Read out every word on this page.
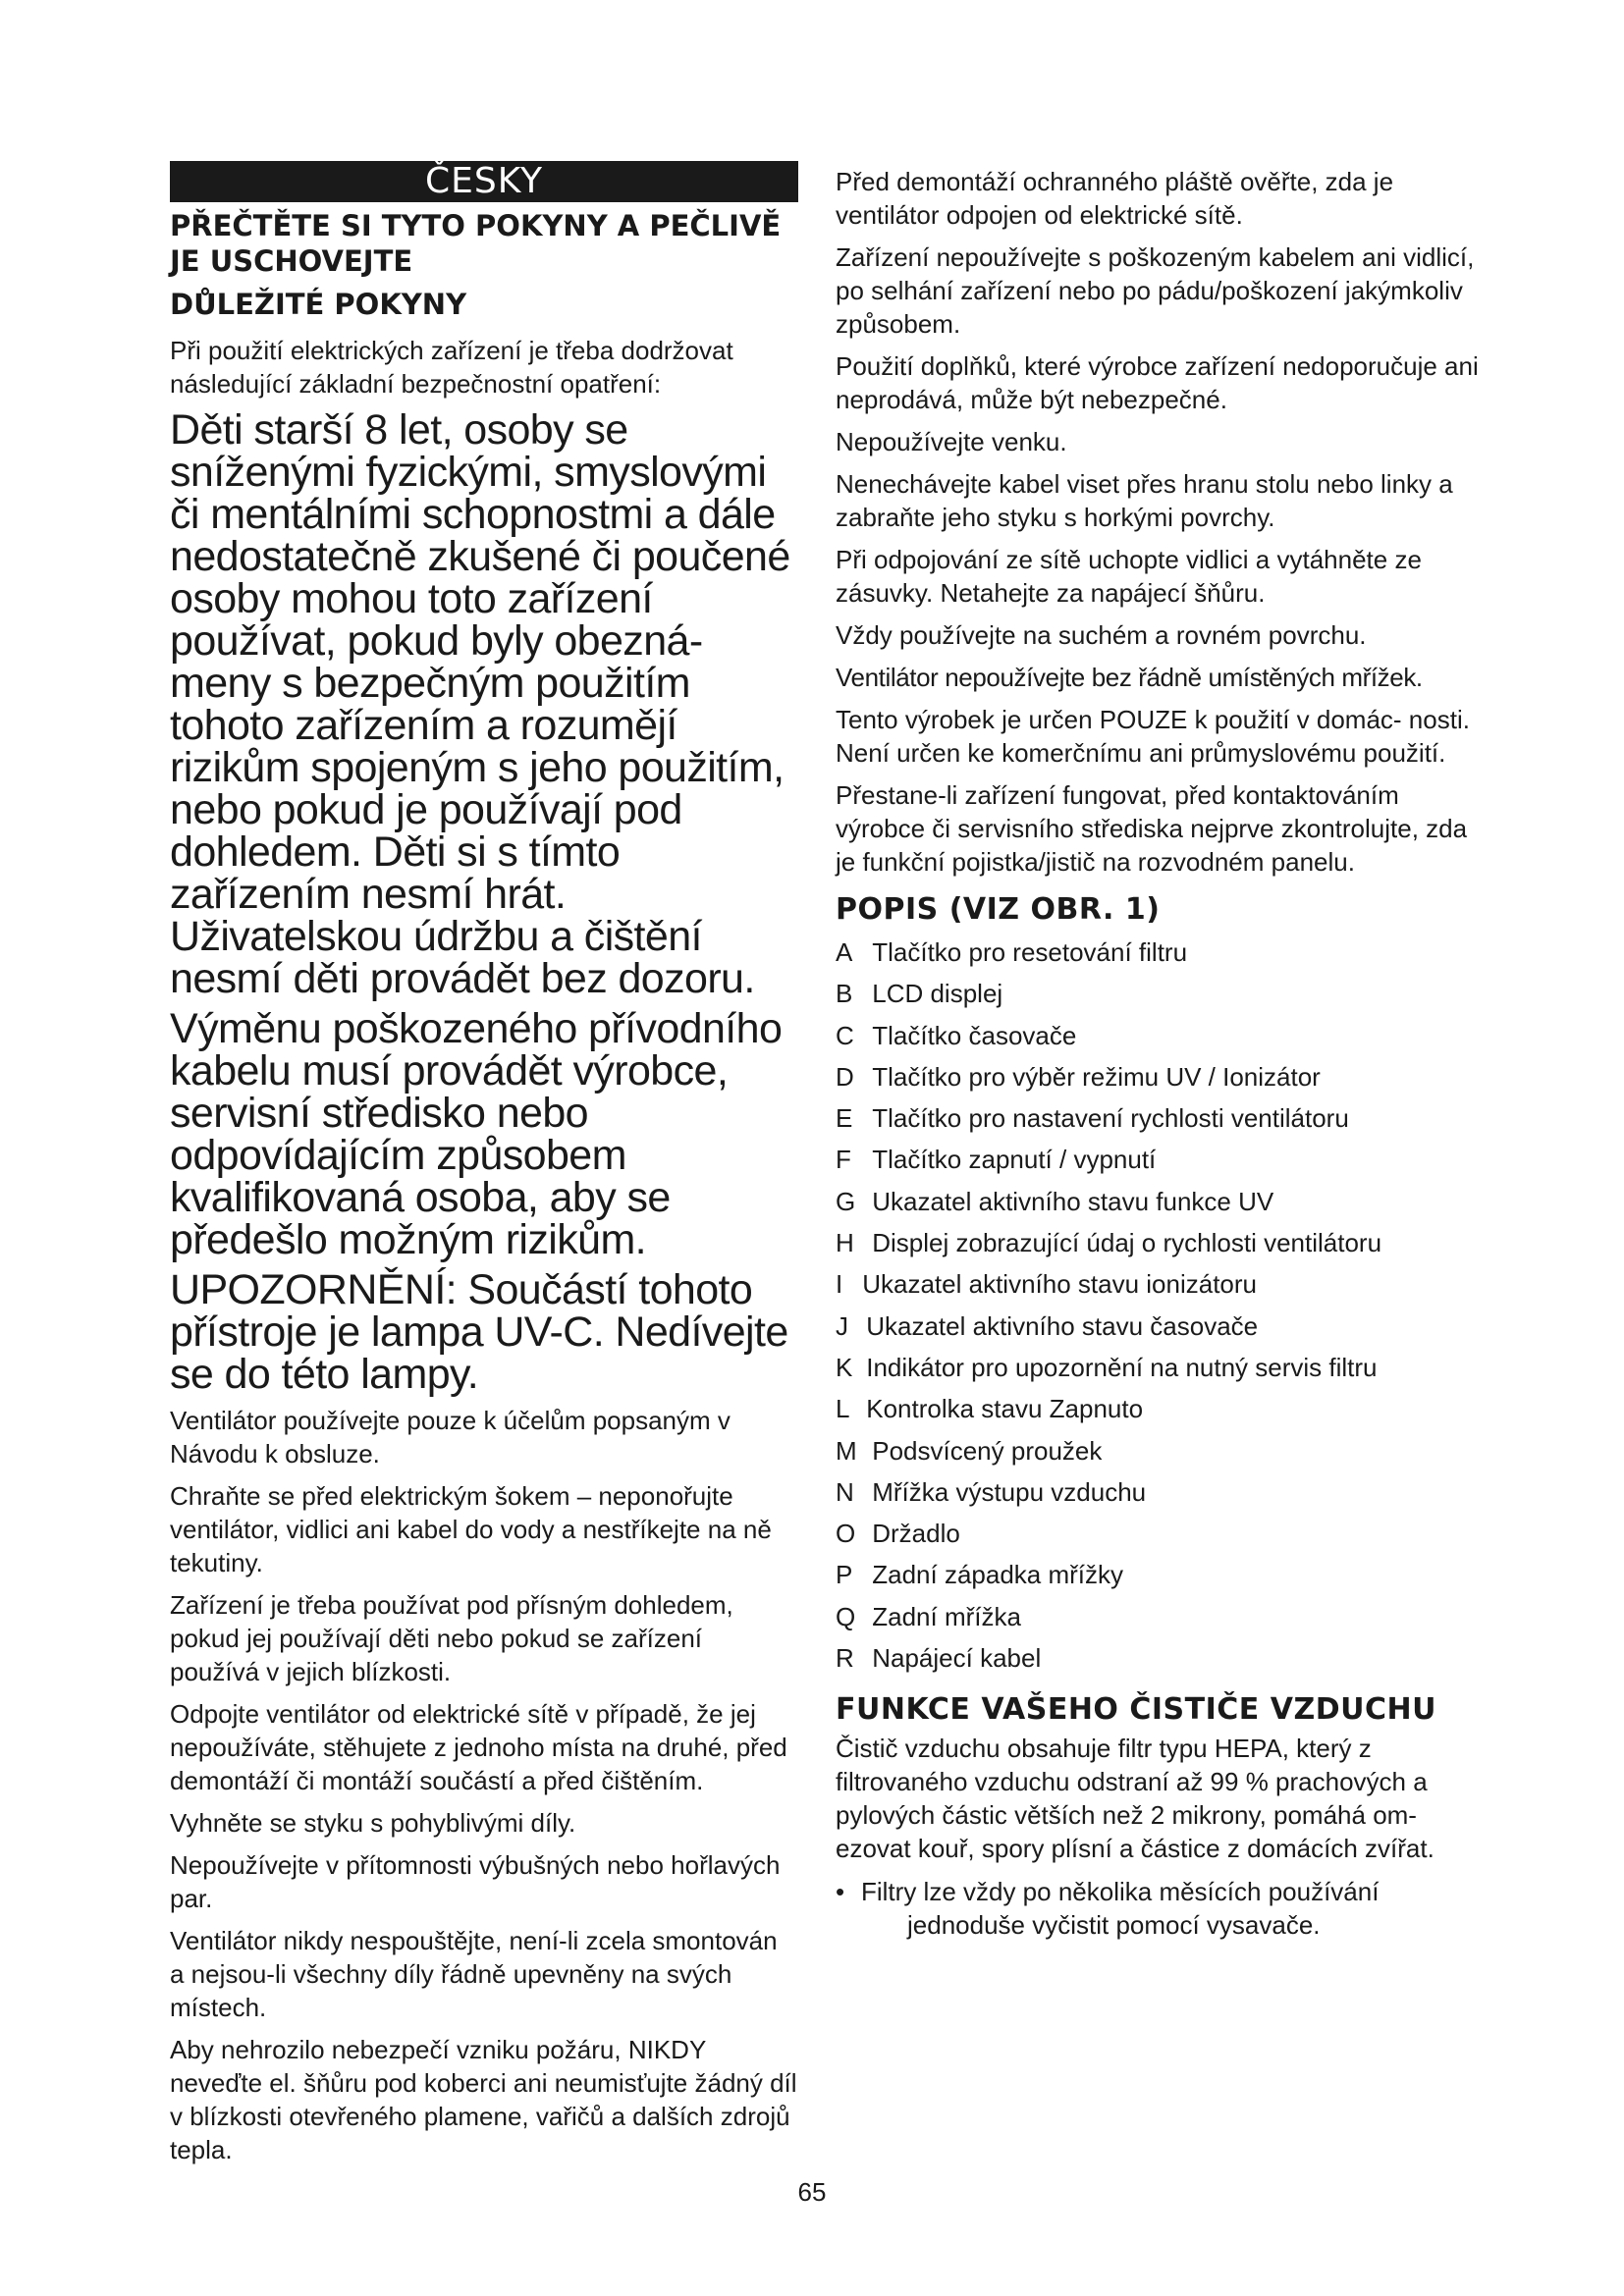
ČESKY
PŘEČTĚTE SI TYTO POKYNY A PEČLIVĚ JE USCHOVEJTE
DŮLEŽITÉ POKYNY

Při použití elektrických zařízení je třeba dodržovat následující základní bezpečnostní opatření:

Děti starší 8 let, osoby se sníženými fyzickými, smyslovými či mentálními schopnostmi a dále nedostatečně zkušené či poučené osoby mohou toto zařízení používat, pokud byly obezná- meny s bezpečným použitím tohoto zařízením a rozumějí rizikům spojeným s jeho použitím, nebo pokud je používají pod dohledem. Děti si s tímto zařízením nesmí hrát. Uživatelskou údržbu a čištění nesmí děti provádět bez dozoru.

Výměnu poškozeného přívodního kabelu musí provádět výrobce, servisní středisko nebo odpovídajícím způsobem kvalifikovaná osoba, aby se předešlo možným rizikům.

UPOZORNĚNÍ: Součástí tohoto přístroje je lampa UV-C. Nedívejte se do této lampy.

Ventilátor používejte pouze k účelům popsaným v Návodu k obsluze.

Chraňte se před elektrickým šokem – neponořujte ventilátor, vidlici ani kabel do vody a nestříkejte na ně tekutiny.

Zařízení je třeba používat pod přísným dohledem, pokud jej používají děti nebo pokud se zařízení používá v jejich blízkosti.

Odpojte ventilátor od elektrické sítě v případě, že jej nepoužíváte, stěhujete z jednoho místa na druhé, před demontáží či montáží součástí a před čištěním.

Vyhněte se styku s pohyblivými díly.

Nepoužívejte v přítomnosti výbušných nebo hořlavých par.

Ventilátor nikdy nespouštějte, není-li zcela smontován a nejsou-li všechny díly řádně upevněny na svých místech.

Aby nehrozilo nebezpečí vzniku požáru, NIKDY neveďte el. šňůru pod koberci ani neumisťujte žádný díl v blízkosti otevřeného plamene, vařičů a dalších zdrojů tepla.

Před demontáží ochranného pláště ověřte, zda je ventilátor odpojen od elektrické sítě.

Zařízení nepoužívejte s poškozeným kabelem ani vidlicí, po selhání zařízení nebo po pádu/poškození jakýmkoliv způsobem.

Použití doplňků, které výrobce zařízení nedoporučuje ani neprodává, může být nebezpečné.

Nepoužívejte venku.

Nenechávejte kabel viset přes hranu stolu nebo linky a zabraňte jeho styku s horkými povrchy.

Při odpojování ze sítě uchopte vidlici a vytáhněte ze zásuvky. Netahejte za napájecí šňůru.

Vždy používejte na suchém a rovném povrchu.

Ventilátor nepoužívejte bez řádně umístěných mřížek.

Tento výrobek je určen POUZE k použití v domác- nosti. Není určen ke komerčnímu ani průmyslovému použití.

Přestane-li zařízení fungovat, před kontaktováním výrobce či servisního střediska nejprve zkontrolujte, zda je funkční pojistka/jistič na rozvodném panelu.

POPIS (VIZ OBR. 1)
A
Tlačítko pro resetování filtru
B
LCD displej
C
Tlačítko časovače
D
Tlačítko pro výběr režimu UV / Ionizátor
E
Tlačítko pro nastavení rychlosti ventilátoru
F
Tlačítko zapnutí / vypnutí
G
Ukazatel aktivního stavu funkce UV
H
Displej zobrazující údaj o rychlosti ventilátoru
I
Ukazatel aktivního stavu ionizátoru
J
Ukazatel aktivního stavu časovače
K
Indikátor pro upozornění na nutný servis filtru
L
Kontrolka stavu Zapnuto
M
Podsvícený proužek
N
Mřížka výstupu vzduchu
O
Držadlo
P
Zadní západka mřížky
Q
Zadní mřížka
R
Napájecí kabel
FUNKCE VAŠEHO ČISTIČE VZDUCHU

Čistič vzduchu obsahuje filtr typu HEPA, který z filtrovaného vzduchu odstraní až 99 % prachových a pylových částic větších než 2 mikrony, pomáhá om- ezovat kouř, spory plísní a částice z domácích zvířat.

• Filtry lze vždy po několika měsících používání
jednoduše vyčistit pomocí vysavače.
65
